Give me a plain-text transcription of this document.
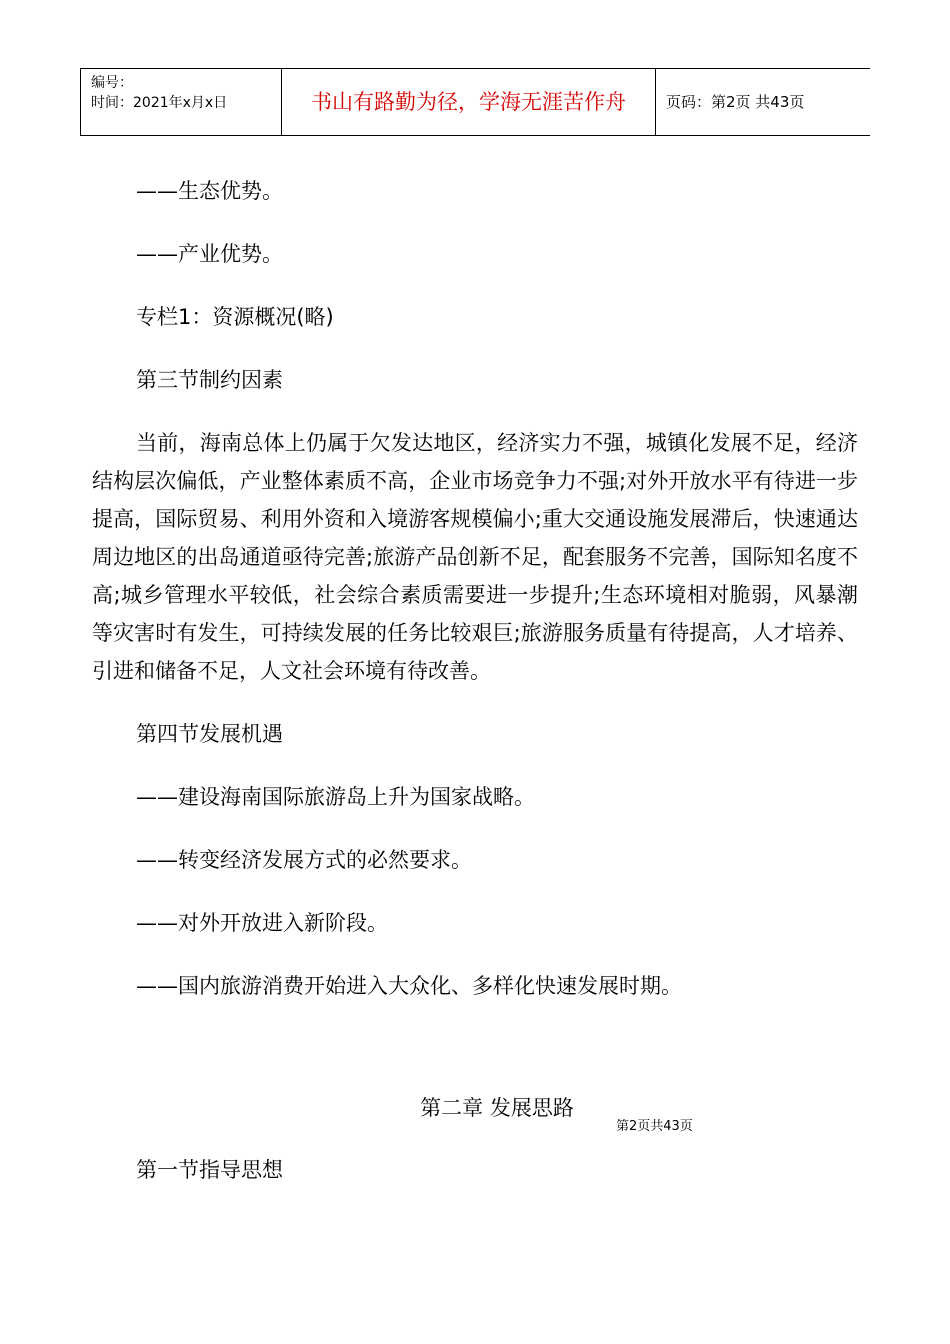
编号：
时间：2021年x月x日	书山有路勤为径，学海无涯苦作舟	页码：第2页 共43页

——生态优势。

——产业优势。

专栏1：资源概况(略)

第三节制约因素

当前，海南总体上仍属于欠发达地区，经济实力不强，城镇化发展不足，经济结构层次偏低，产业整体素质不高，企业市场竞争力不强;对外开放水平有待进一步提高，国际贸易、利用外资和入境游客规模偏小;重大交通设施发展滞后，快速通达周边地区的出岛通道亟待完善;旅游产品创新不足，配套服务不完善，国际知名度不高;城乡管理水平较低，社会综合素质需要进一步提升;生态环境相对脆弱，风暴潮等灾害时有发生，可持续发展的任务比较艰巨;旅游服务质量有待提高，人才培养、引进和储备不足，人文社会环境有待改善。

第四节发展机遇

——建设海南国际旅游岛上升为国家战略。

——转变经济发展方式的必然要求。

——对外开放进入新阶段。

——国内旅游消费开始进入大众化、多样化快速发展时期。

第二章 发展思路
第2页共43页
第一节指导思想
